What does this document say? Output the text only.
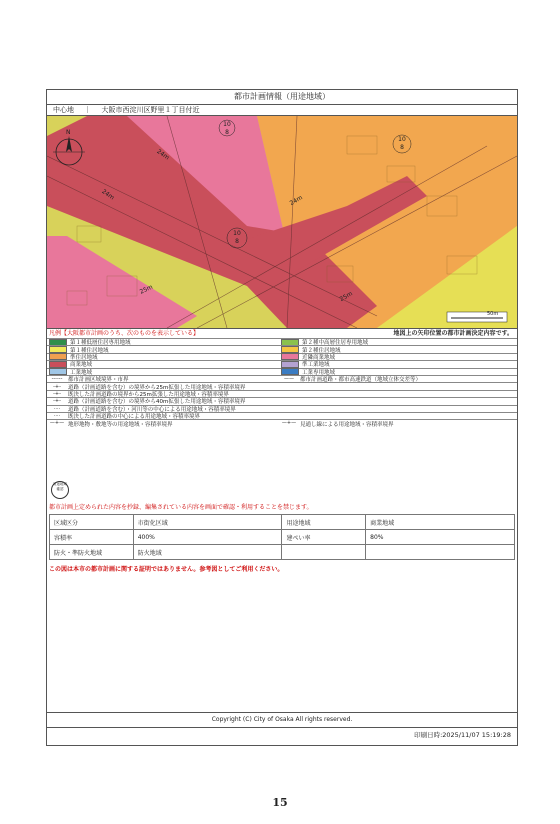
都市計画情報（用途地域）
中心地 ｜ 大阪市西淀川区野里１丁目付近
N
10
8
10
8
10
8
24m
24m	24m
25m
25m
50m
凡例【大阪都市計画のうち、次のものを表示している】	地図上の矢印位置の都市計画決定内容です。
第１種低層住居専用地域	第２種中高層住居専用地域
第１種住居地域	第２種住居地域
準住居地域	近隣商業地域
商業地域	準工業地域
工業地域	工業専用地域
------	都市計画区域境界・市界	——	都市計画道路・都市高速鉄道（地域立体交差等）
-+-	道路（計画道路を含む）の境界から25m拡張した用途地域・容積率境界
-+-	既決した計画道路の境界から25m拡張した用途地域・容積率境界
-+-	道路（計画道路を含む）の境界から40m拡張した用途地域・容積率境界
····	道路（計画道路を含む）・河川等の中心による用途地域・容積率境界
····	既決した計画道路の中心による用途地域・容積率境界
—+— 地形地物・敷地等の用途地域・容積率境界	—+— 見通し線による用途地域・容積率境界
用途地域
確認
都市計画上定められた内容を抄録、編集されている内容を画面で確認・利用することを禁じます。
区域区分	市街化区域	用途地域	商業地域
容積率	400%	建ぺい率	80%
防火・準防火地域	防火地域		
この図は本市の都市計画に関する証明ではありません。参考図としてご利用ください。
Copyright (C) City of Osaka All rights reserved.
印刷日時:2025/11/07 15:19:28
15
